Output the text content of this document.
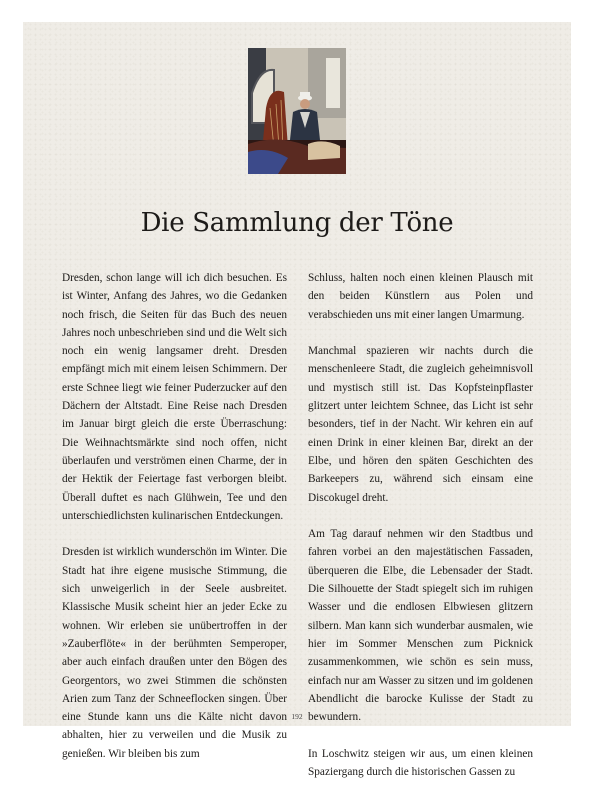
Die Sammlung der Töne

Dresden, schon lange will ich dich besuchen. Es ist Winter, Anfang des Jahres, wo die Gedanken noch frisch, die Seiten für das Buch des neuen Jahres noch unbeschrieben sind und die Welt sich noch ein wenig langsamer dreht. Dresden empfängt mich mit einem leisen Schimmern. Der erste Schnee liegt wie feiner Puderzucker auf den Dächern der Altstadt. Eine Reise nach Dresden im Januar birgt gleich die erste Überraschung: Die Weihnachtsmärkte sind noch offen, nicht überlaufen und verströmen einen Charme, der in der Hektik der Feiertage fast verborgen bleibt. Überall duftet es nach Glühwein, Tee und den unterschiedlichsten kulinarischen Entdeckungen.

Dresden ist wirklich wunderschön im Winter. Die Stadt hat ihre eigene musische Stimmung, die sich unweigerlich in der Seele ausbreitet. Klassische Musik scheint hier an jeder Ecke zu wohnen. Wir erleben sie unübertroffen in der »Zauberflöte« in der berühmten Semperoper, aber auch einfach draußen unter den Bögen des Georgentors, wo zwei Stimmen die schönsten Arien zum Tanz der Schneeflocken singen. Über eine Stunde kann uns die Kälte nicht davon abhalten, hier zu verweilen und die Musik zu genießen. Wir bleiben bis zum

Schluss, halten noch einen kleinen Plausch mit den beiden Künstlern aus Polen und verabschieden uns mit einer langen Umarmung.

Manchmal spazieren wir nachts durch die menschenleere Stadt, die zugleich geheimnisvoll und mystisch still ist. Das Kopfsteinpflaster glitzert unter leichtem Schnee, das Licht ist sehr besonders, tief in der Nacht. Wir kehren ein auf einen Drink in einer kleinen Bar, direkt an der Elbe, und hören den späten Geschichten des Barkeepers zu, während sich einsam eine Discokugel dreht.

Am Tag darauf nehmen wir den Stadtbus und fahren vorbei an den majestätischen Fassaden, überqueren die Elbe, die Lebensader der Stadt. Die Silhouette der Stadt spiegelt sich im ruhigen Wasser und die endlosen Elbwiesen glitzern silbern. Man kann sich wunderbar ausmalen, wie hier im Sommer Menschen zum Picknick zusammenkommen, wie schön es sein muss, einfach nur am Wasser zu sitzen und im goldenen Abendlicht die barocke Kulisse der Stadt zu bewundern.

In Loschwitz steigen wir aus, um einen kleinen Spaziergang durch die historischen Gassen zu

192
